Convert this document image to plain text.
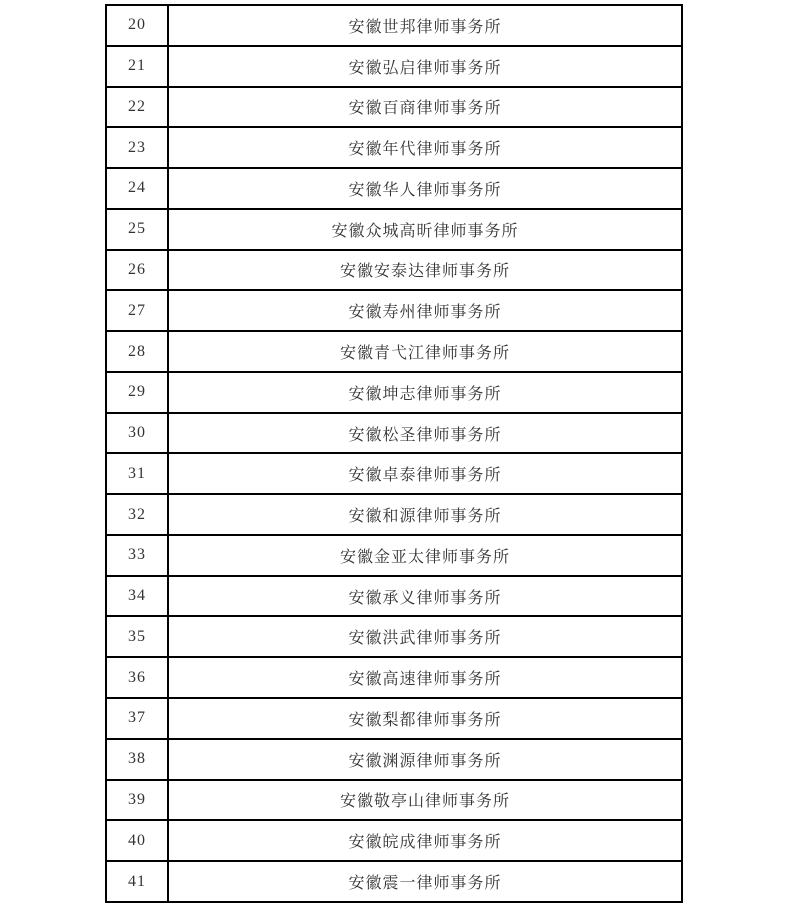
20	安徽世邦律师事务所
21	安徽弘启律师事务所
22	安徽百商律师事务所
23	安徽年代律师事务所
24	安徽华人律师事务所
25	安徽众城高昕律师事务所
26	安徽安泰达律师事务所
27	安徽寿州律师事务所
28	安徽青弋江律师事务所
29	安徽坤志律师事务所
30	安徽松圣律师事务所
31	安徽卓泰律师事务所
32	安徽和源律师事务所
33	安徽金亚太律师事务所
34	安徽承义律师事务所
35	安徽洪武律师事务所
36	安徽高速律师事务所
37	安徽梨都律师事务所
38	安徽渊源律师事务所
39	安徽敬亭山律师事务所
40	安徽皖成律师事务所
41	安徽震一律师事务所
